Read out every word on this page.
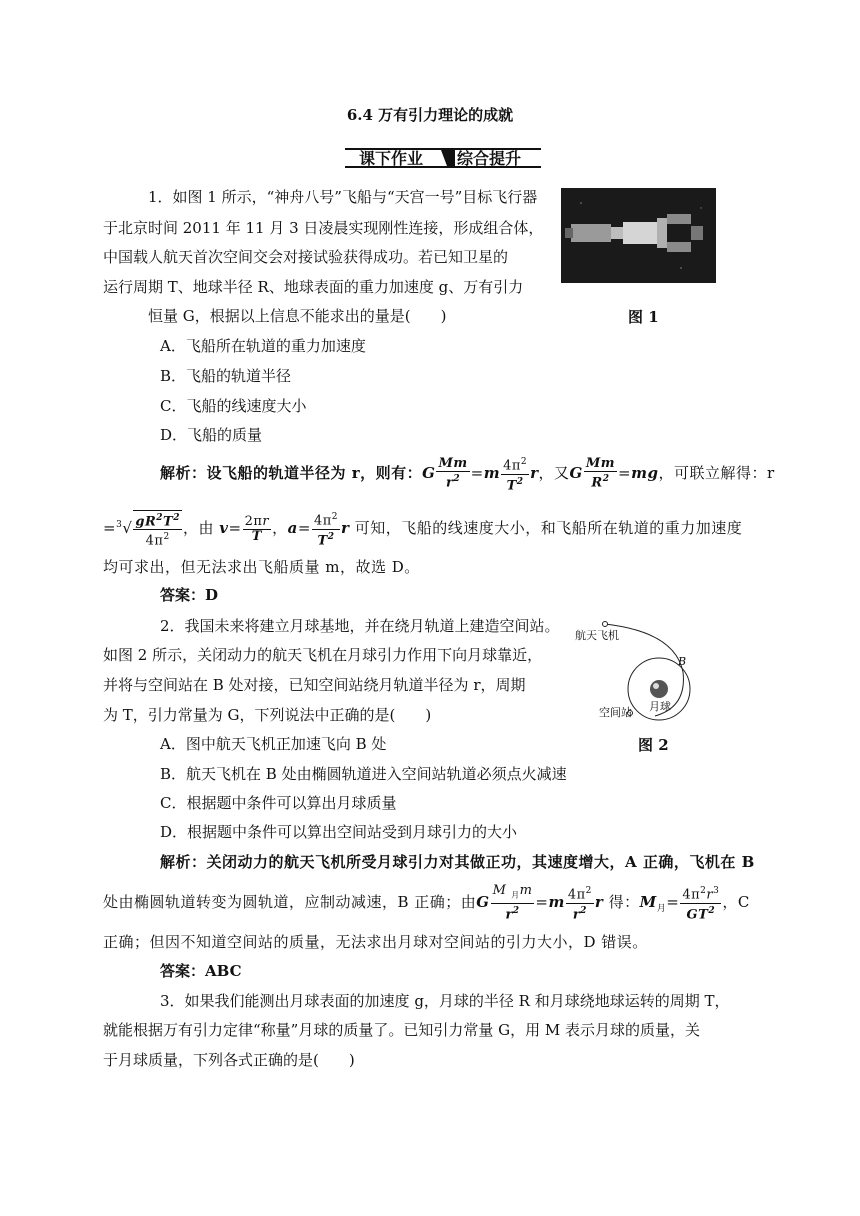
6.4 万有引力理论的成就
课下作业 综合提升
1．如图 1 所示，“神舟八号”飞船与“天宫一号”目标飞行器
于北京时间 2011 年 11 月 3 日凌晨实现刚性连接，形成组合体，
中国载人航天首次空间交会对接试验获得成功。若已知卫星的
运行周期 T、地球半径 R、地球表面的重力加速度 g、万有引力
恒量 G，根据以上信息不能求出的量是(　　)	图 1
A．飞船所在轨道的重力加速度
B．飞船的轨道半径
C．飞船的线速度大小
D．飞船的质量
解析：设飞船的轨道半径为 r，则有：G $\frac{Mm}{r^2} =m \frac{4\pi^2}{T^2}$ r，又G $\frac{Mm}{R^2} =mg$，可联立解得：r
$=^3√ \frac{gR^2T^2}{4\pi^2}$ ，由 $v= \frac{2\pi r}{T}$ ，$a= \frac{4\pi^2}{T^2}$ r 可知，飞船的线速度大小，和飞船所在轨道的重力加速度
均可求出，但无法求出飞船质量 m，故选 D。
答案：D
2．我国未来将建立月球基地，并在绕月轨道上建造空间站。
如图 2 所示，关闭动力的航天飞机在月球引力作用下向月球靠近，
并将与空间站在 B 处对接，已知空间站绕月轨道半径为 r，周期
为 T，引力常量为 G，下列说法中正确的是(　　)
航天飞机
B
月球
空间站
图 2
A．图中航天飞机正加速飞向 B 处
B．航天飞机在 B 处由椭圆轨道进入空间站轨道必须点火减速
C．根据题中条件可以算出月球质量
D．根据题中条件可以算出空间站受到月球引力的大小
解析：关闭动力的航天飞机所受月球引力对其做正功，其速度增大，A 正确，飞机在 B
处由椭圆轨道转变为圆轨道，应制动减速，B 正确；由G $\frac{M _月m}{r^2} =m \frac{4\pi^2}{r^2}$ r 得：$M_月= \frac{4\pi^2r^3}{GT^2}$ ，C
正确；但因不知道空间站的质量，无法求出月球对空间站的引力大小，D 错误。
答案：ABC
3．如果我们能测出月球表面的加速度 g，月球的半径 R 和月球绕地球运转的周期 T，
就能根据万有引力定律“称量”月球的质量了。已知引力常量 G，用 M 表示月球的质量，关
于月球质量，下列各式正确的是(　　)
